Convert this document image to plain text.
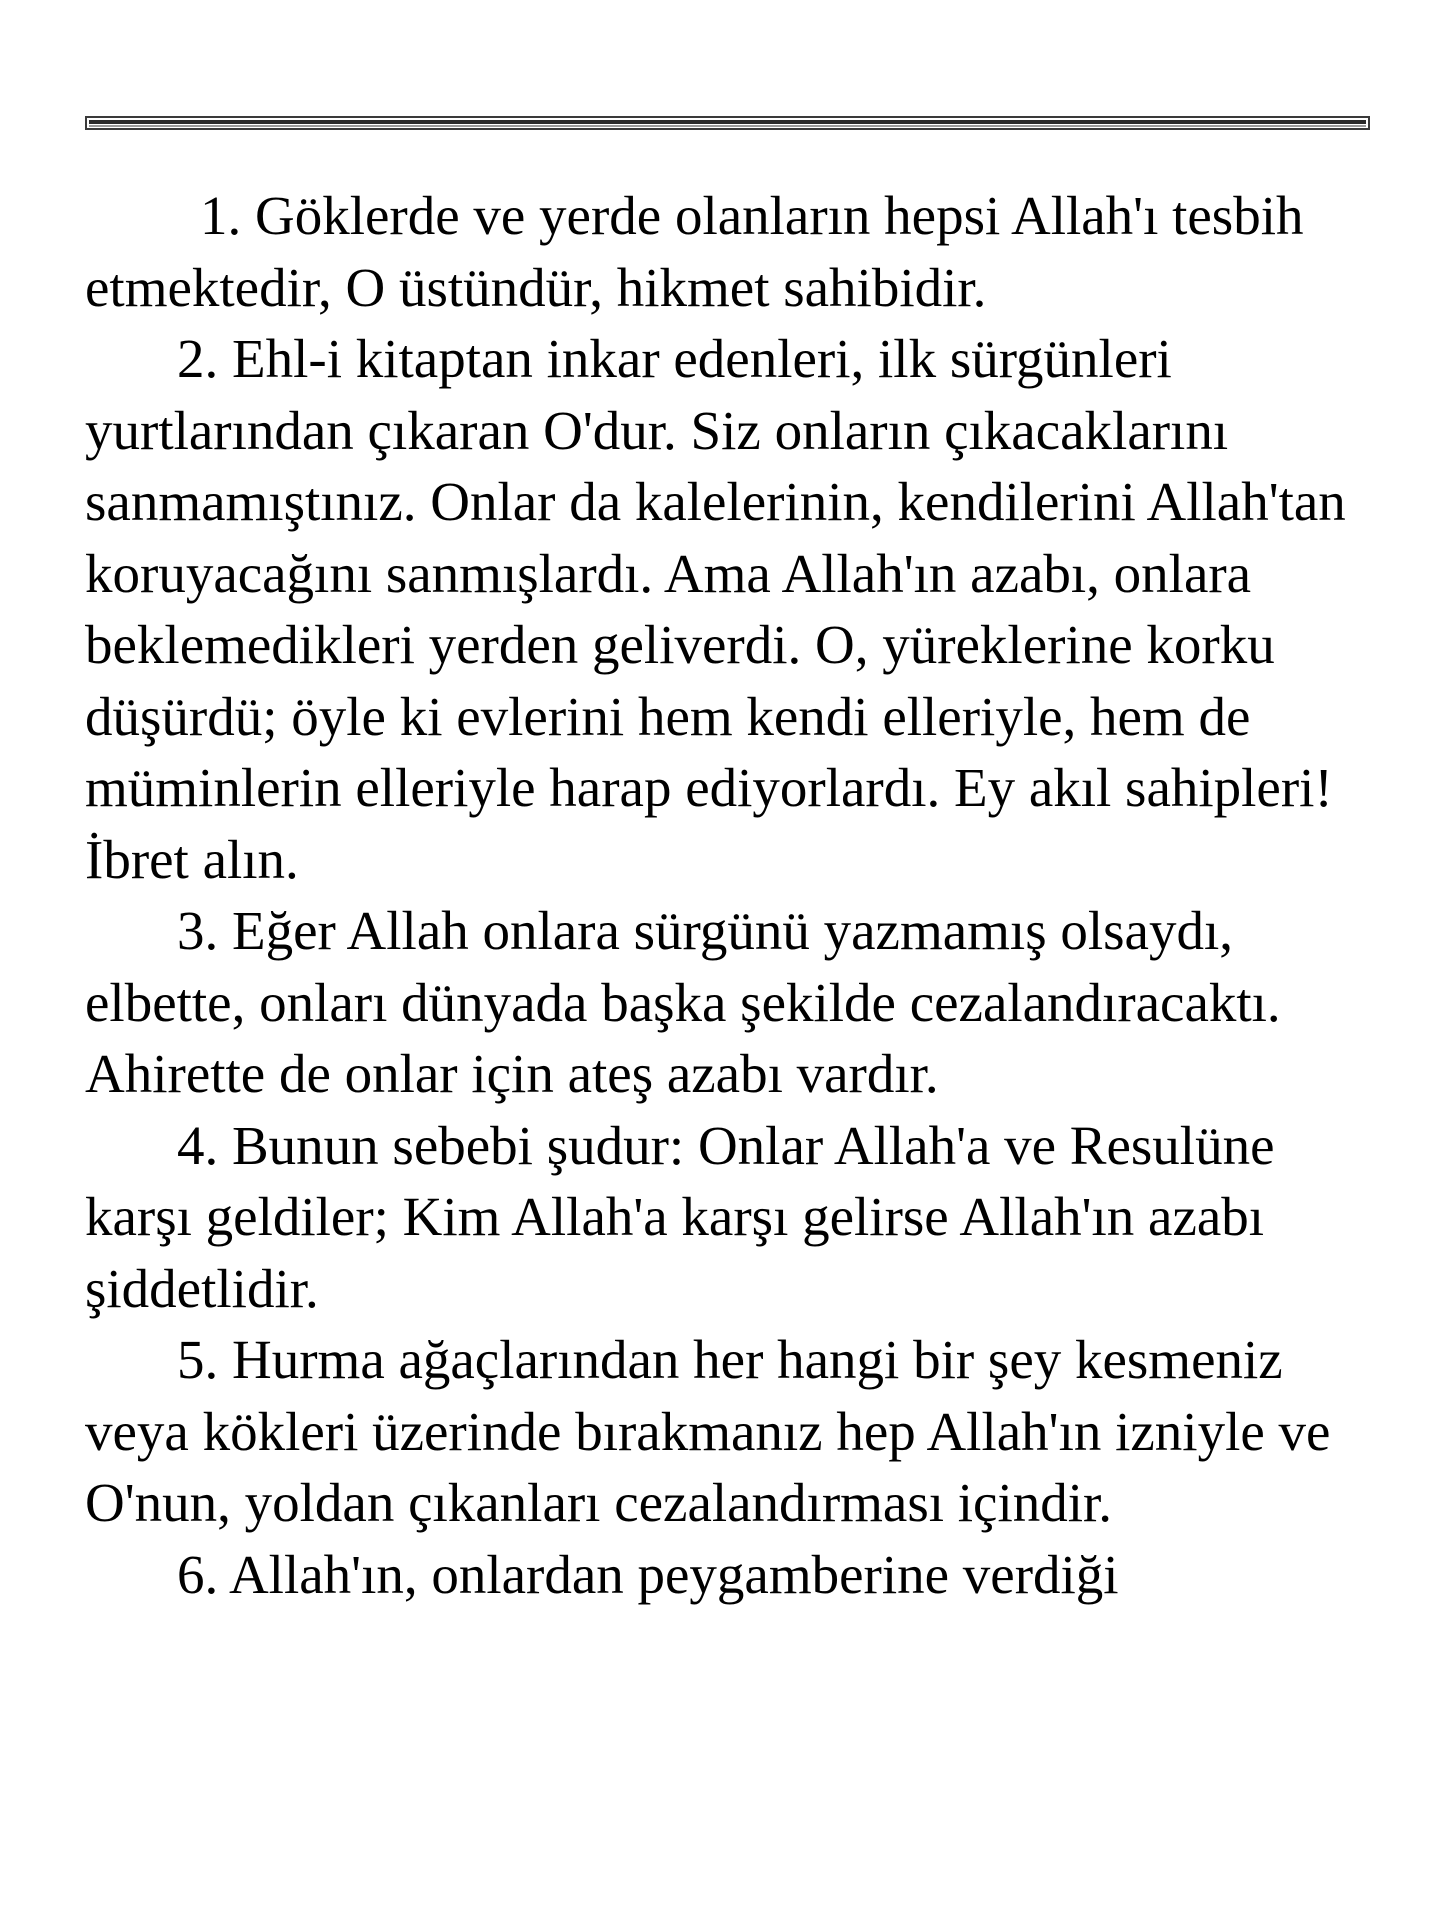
1. Göklerde ve yerde olanların hepsi Allah'ı tesbih etmektedir, O üstündür, hikmet sahibidir.

2. Ehl-i kitaptan inkar edenleri, ilk sürgünleri yurtlarından çıkaran O'dur. Siz onların çıkacaklarını sanmamıştınız. Onlar da kalelerinin, kendilerini Allah'tan koruyacağını sanmışlardı. Ama Allah'ın azabı, onlara beklemedikleri yerden geliverdi. O, yüreklerine korku düşürdü; öyle ki evlerini hem kendi elleriyle, hem de müminlerin elleriyle harap ediyorlardı. Ey akıl sahipleri! İbret alın.

3. Eğer Allah onlara sürgünü yazmamış olsaydı, elbette, onları dünyada başka şekilde cezalandıracaktı. Ahirette de onlar için ateş azabı vardır.

4. Bunun sebebi şudur: Onlar Allah'a ve Resulüne karşı geldiler; Kim Allah'a karşı gelirse Allah'ın azabı şiddetlidir.

5. Hurma ağaçlarından her hangi bir şey kesmeniz veya kökleri üzerinde bırakmanız hep Allah'ın izniyle ve O'nun, yoldan çıkanları cezalandırması içindir.

6. Allah'ın, onlardan peygamberine verdiği
